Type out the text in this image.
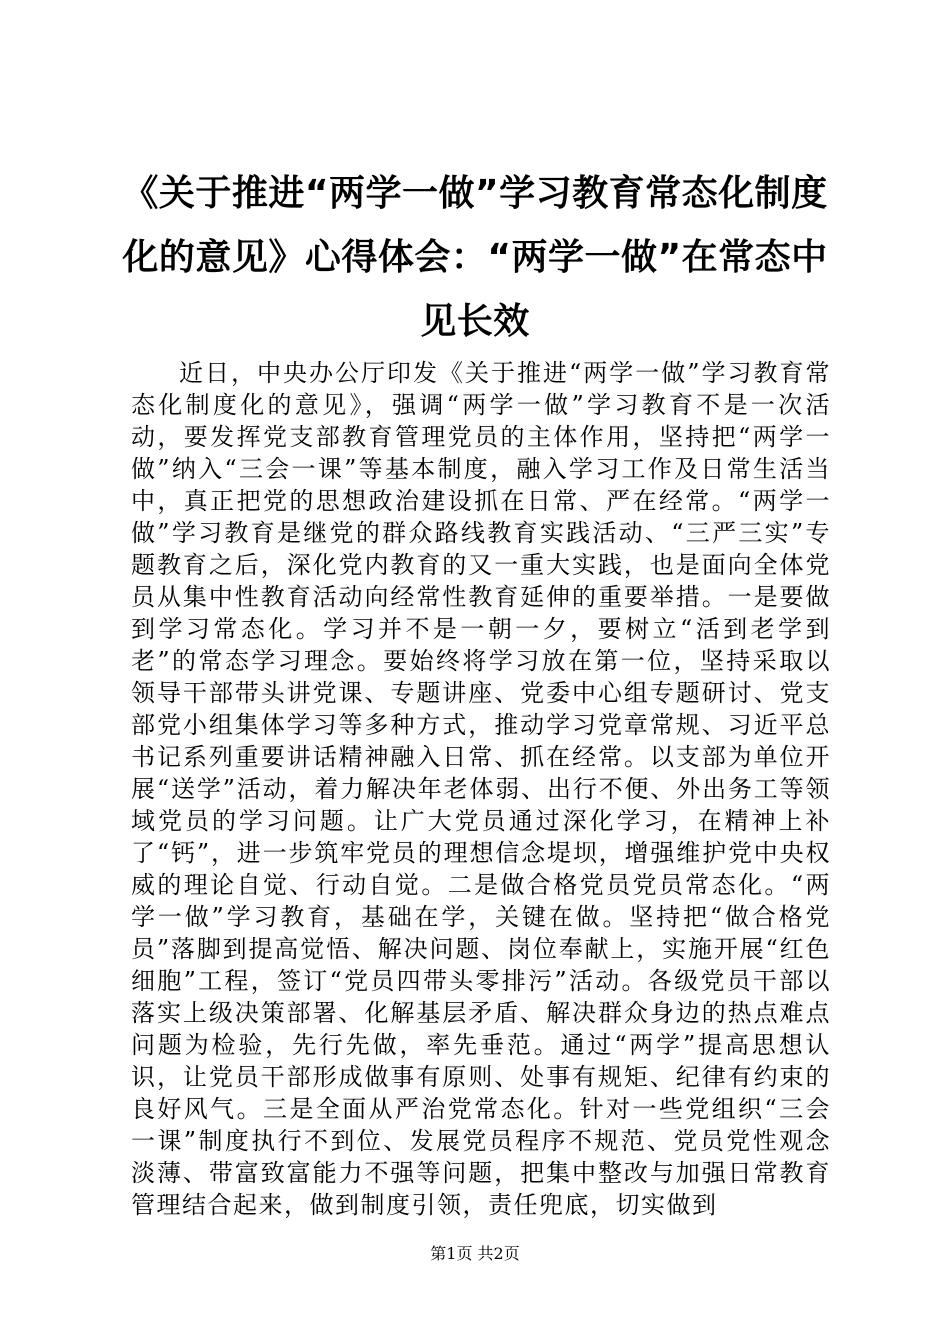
《关于推进“两学一做”学习教育常态化制度化的意见》心得体会：“两学一做”在常态中见长效

近日，中央办公厅印发《关于推进“两学一做”学习教育常态化制度化的意见》，强调“两学一做”学习教育不是一次活动，要发挥党支部教育管理党员的主体作用，坚持把“两学一做”纳入“三会一课”等基本制度，融入学习工作及日常生活当中，真正把党的思想政治建设抓在日常、严在经常。“两学一做”学习教育是继党的群众路线教育实践活动、“三严三实”专题教育之后，深化党内教育的又一重大实践，也是面向全体党员从集中性教育活动向经常性教育延伸的重要举措。一是要做到学习常态化。学习并不是一朝一夕，要树立“活到老学到老”的常态学习理念。要始终将学习放在第一位，坚持采取以领导干部带头讲党课、专题讲座、党委中心组专题研讨、党支部党小组集体学习等多种方式，推动学习党章常规、习近平总书记系列重要讲话精神融入日常、抓在经常。以支部为单位开展“送学”活动，着力解决年老体弱、出行不便、外出务工等领域党员的学习问题。让广大党员通过深化学习，在精神上补了“钙”，进一步筑牢党员的理想信念堤坝，增强维护党中央权威的理论自觉、行动自觉。二是做合格党员党员常态化。“两学一做”学习教育，基础在学，关键在做。坚持把“做合格党员”落脚到提高觉悟、解决问题、岗位奉献上，实施开展“红色细胞”工程，签订“党员四带头零排污”活动。各级党员干部以落实上级决策部署、化解基层矛盾、解决群众身边的热点难点问题为检验，先行先做，率先垂范。通过“两学”提高思想认识，让党员干部形成做事有原则、处事有规矩、纪律有约束的良好风气。三是全面从严治党常态化。针对一些党组织“三会一课”制度执行不到位、发展党员程序不规范、党员党性观念淡薄、带富致富能力不强等问题，把集中整改与加强日常教育管理结合起来，做到制度引领，责任兜底，切实做到

第1页 共2页
